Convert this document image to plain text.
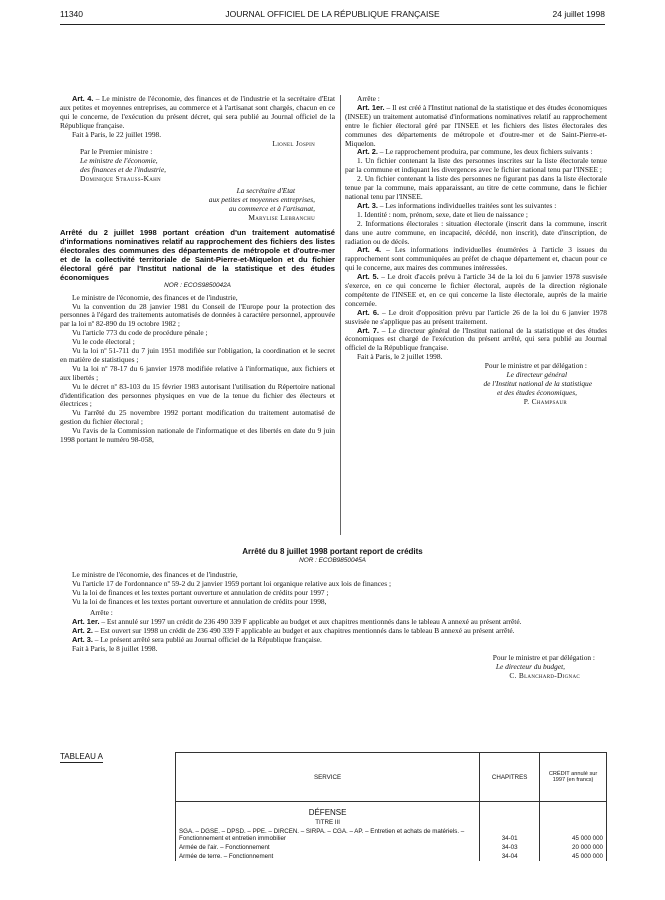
11340	JOURNAL OFFICIEL DE LA RÉPUBLIQUE FRANÇAISE	24 juillet 1998

Art. 4. – Le ministre de l'économie, des finances et de l'industrie et la secrétaire d'Etat aux petites et moyennes entreprises, au commerce et à l'artisanat sont chargés, chacun en ce qui le concerne, de l'exécution du présent décret, qui sera publié au Journal officiel de la République française.

Fait à Paris, le 22 juillet 1998.

Lionel Jospin
Par le Premier ministre :
Le ministre de l'économie,
des finances et de l'industrie,
Dominique Strauss-Kahn
La secrétaire d'Etat
aux petites et moyennes entreprises,
au commerce et à l'artisanat,
Marylise Lebranchu
Arrêté du 2 juillet 1998 portant création d'un traitement automatisé d'informations nominatives relatif au rapprochement des fichiers des listes électorales des communes des départements de métropole et d'outre-mer et de la collectivité territoriale de Saint-Pierre-et-Miquelon et du fichier électoral géré par l'Institut national de la statistique et des études économiques
NOR : ECOS9850042A

Le ministre de l'économie, des finances et de l'industrie,

Vu la convention du 28 janvier 1981 du Conseil de l'Europe pour la protection des personnes à l'égard des traitements automatisés de données à caractère personnel, approuvée par la loi nº 82-890 du 19 octobre 1982 ;

Vu l'article 773 du code de procédure pénale ;

Vu le code électoral ;

Vu la loi nº 51-711 du 7 juin 1951 modifiée sur l'obligation, la coordination et le secret en matière de statistiques ;

Vu la loi nº 78-17 du 6 janvier 1978 modifiée relative à l'informatique, aux fichiers et aux libertés ;

Vu le décret nº 83-103 du 15 février 1983 autorisant l'utilisation du Répertoire national d'identification des personnes physiques en vue de la tenue du fichier des électeurs et électrices ;

Vu l'arrêté du 25 novembre 1992 portant modification du traitement automatisé de gestion du fichier électoral ;

Vu l'avis de la Commission nationale de l'informatique et des libertés en date du 9 juin 1998 portant le numéro 98-058,

Arrête :

Art. 1er. – Il est créé à l'Institut national de la statistique et des études économiques (INSEE) un traitement automatisé d'informations nominatives relatif au rapprochement entre le fichier électoral géré par l'INSEE et les fichiers des listes électorales des communes des départements de métropole et d'outre-mer et de Saint-Pierre-et-Miquelon.

Art. 2. – Le rapprochement produira, par commune, les deux fichiers suivants :

1. Un fichier contenant la liste des personnes inscrites sur la liste électorale tenue par la commune et indiquant les divergences avec le fichier national tenu par l'INSEE ;

2. Un fichier contenant la liste des personnes ne figurant pas dans la liste électorale tenue par la commune, mais apparaissant, au titre de cette commune, dans le fichier national tenu par l'INSEE.

Art. 3. – Les informations individuelles traitées sont les suivantes :

1. Identité : nom, prénom, sexe, date et lieu de naissance ;

2. Informations électorales : situation électorale (inscrit dans la commune, inscrit dans une autre commune, en incapacité, décédé, non inscrit), date d'inscription, de radiation ou de décès.

Art. 4. – Les informations individuelles énumérées à l'article 3 issues du rapprochement sont communiquées au préfet de chaque département et, chacun pour ce qui le concerne, aux maires des communes intéressées.

Art. 5. – Le droit d'accès prévu à l'article 34 de la loi du 6 janvier 1978 susvisée s'exerce, en ce qui concerne le fichier électoral, auprès de la direction régionale compétente de l'INSEE et, en ce qui concerne la liste électorale, auprès de la mairie concernée.

Art. 6. – Le droit d'opposition prévu par l'article 26 de la loi du 6 janvier 1978 susvisée ne s'applique pas au présent traitement.

Art. 7. – Le directeur général de l'Institut national de la statistique et des études économiques est chargé de l'exécution du présent arrêté, qui sera publié au Journal officiel de la République française.

Fait à Paris, le 2 juillet 1998.

Pour le ministre et par délégation :
Le directeur général
de l'Institut national de la statistique
et des études économiques,
P. Champsaur
Arrêté du 8 juillet 1998 portant report de crédits
NOR : ECOB9850045A

Le ministre de l'économie, des finances et de l'industrie,

Vu l'article 17 de l'ordonnance nº 59-2 du 2 janvier 1959 portant loi organique relative aux lois de finances ;

Vu la loi de finances et les textes portant ouverture et annulation de crédits pour 1997 ;

Vu la loi de finances et les textes portant ouverture et annulation de crédits pour 1998,

Arrête :

Art. 1er. – Est annulé sur 1997 un crédit de 236 490 339 F applicable au budget et aux chapitres mentionnés dans le tableau A annexé au présent arrêté.

Art. 2. – Est ouvert sur 1998 un crédit de 236 490 339 F applicable au budget et aux chapitres mentionnés dans le tableau B annexé au présent arrêté.

Art. 3. – Le présent arrêté sera publié au Journal officiel de la République française.

Fait à Paris, le 8 juillet 1998.

Pour le ministre et par délégation :
Le directeur du budget,
C. Blanchard-Dignac
TABLEAU A
SERVICE	CHAPITRES	CRÉDIT annulé sur 1997 (en francs)
DÉFENSE		
TITRE III		
SGA. – DGSE. – DPSD. – PPE. – DIRCEN. – SIRPA. – CGA. – AP. – Entretien et achats de matériels. – Fonctionnement et entretien immobilier	34-01	45 000 000
Armée de l'air. – Fonctionnement	34-03	20 000 000
Armée de terre. – Fonctionnement	34-04	45 000 000
